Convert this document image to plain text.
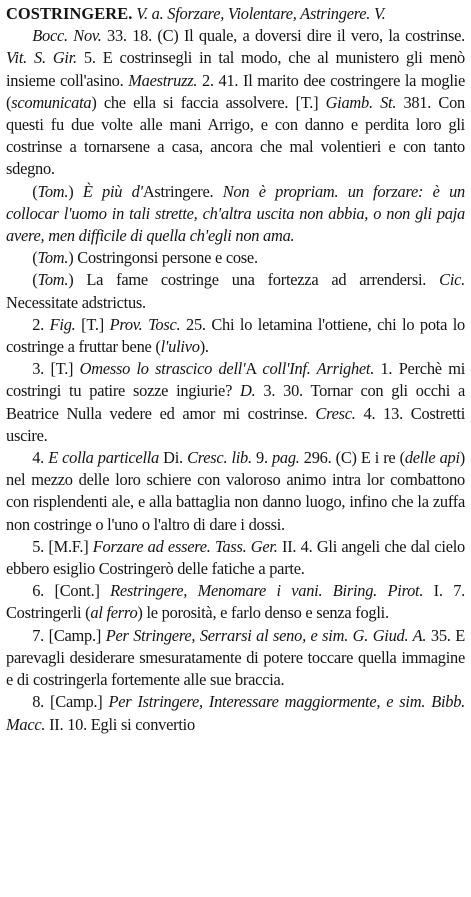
COSTRINGERE. V. a. Sforzare, Violentare, Astringere. V.
Bocc. Nov. 33. 18. (C) Il quale, a doversi dire il vero, la costrinse. Vit. S. Gir. 5. E costrinsegli in tal modo, che al munistero gli menò insieme coll'asino. Maestruzz. 2. 41. Il marito dee costringere la moglie (scomunicata) che ella si faccia assolvere. [T.] Giamb. St. 381. Con questi fu due volte alle mani Arrigo, e con danno e perdita loro gli costrinse a tornarsene a casa, ancora che mal volentieri e con tanto sdegno.
(Tom.) È più d'Astringere. Non è propriam. un forzare: è un collocar l'uomo in tali strette, ch'altra uscita non abbia, o non gli paja avere, men difficile di quella ch'egli non ama.
(Tom.) Costringonsi persone e cose.
(Tom.) La fame costringe una fortezza ad arrendersi. Cic. Necessitate adstrictus.
2. Fig. [T.] Prov. Tosc. 25. Chi lo letamina l'ottiene, chi lo pota lo costringe a fruttar bene (l'ulivo).
3. [T.] Omesso lo strascico dell'A coll'Inf. Arrighet. 1. Perchè mi costringi tu patire sozze ingiurie? D. 3. 30. Tornar con gli occhi a Beatrice Nulla vedere ed amor mi costrinse. Cresc. 4. 13. Costretti uscire.
4. E colla particella Di. Cresc. lib. 9. pag. 296. (C) E i re (delle api) nel mezzo delle loro schiere con valoroso animo intra lor combattono con risplendenti ale, e alla battaglia non danno luogo, infino che la zuffa non costringe o l'uno o l'altro di dare i dossi.
5. [M.F.] Forzare ad essere. Tass. Ger. II. 4. Gli angeli che dal cielo ebbero esiglio Costringerò delle fatiche a parte.
6. [Cont.] Restringere, Menomare i vani. Biring. Pirot. I. 7. Costringerli (al ferro) le porosità, e farlo denso e senza fogli.
7. [Camp.] Per Stringere, Serrarsi al seno, e sim. G. Giud. A. 35. E parevagli desiderare smesuratamente di potere toccare quella immagine e di costringerla fortemente alle sue braccia.
8. [Camp.] Per Istringere, Interessare maggiormente, e sim. Bibb. Macc. II. 10. Egli si convertio
